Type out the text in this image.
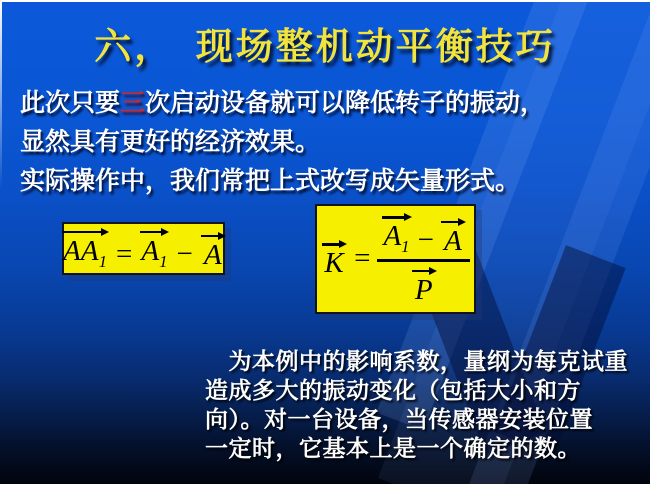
六，　现场整机动平衡技巧
此次只要三次启动设备就可以降低转子的振动，
显然具有更好的经济效果。
实际操作中，我们常把上式改写成矢量形式。
$AA_1 = A_1 - A$	K =
$A_1 - A$
P
　为本例中的影响系数，量纲为每克试重
造成多大的振动变化（包括大小和方
向）。对一台设备，当传感器安装位置
一定时，它基本上是一个确定的数。
